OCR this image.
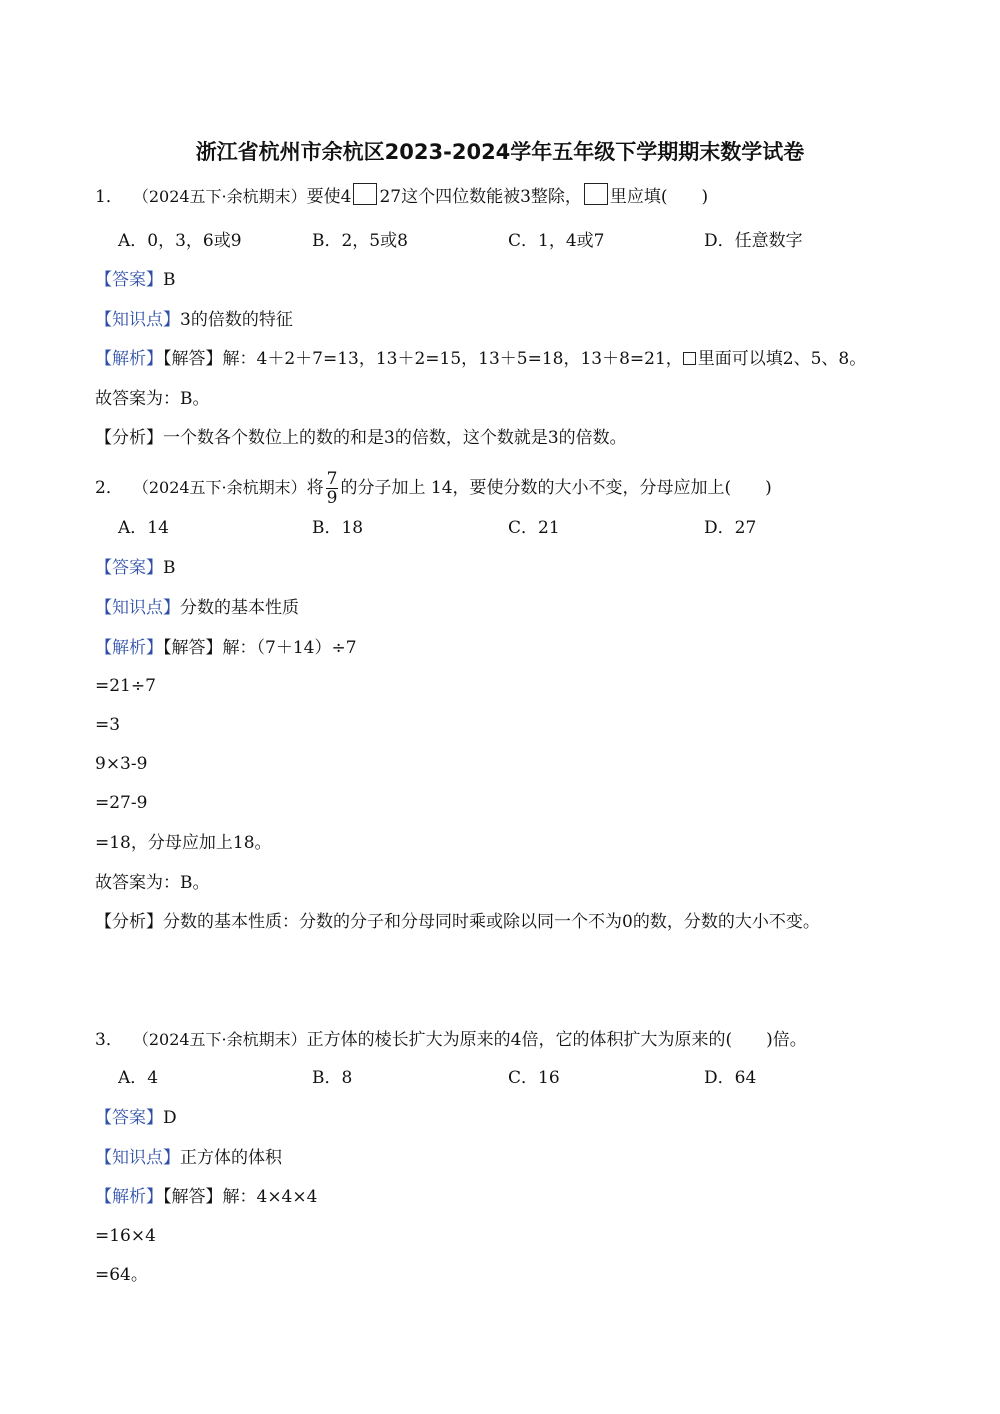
浙江省杭州市余杭区2023-2024学年五年级下学期期末数学试卷
1． （2024五下·余杭期末）要使4 27这个四位数能被3整除， 里应填(　　)
A．0，3，6或9	B．2，5或8	C．1，4或7	D．任意数字
【答案】B
【知识点】3的倍数的特征
【解析】【解答】解：4＋2＋7=13，13＋2=15，13＋5=18，13＋8=21， 里面可以填2、5、8。
故答案为：B。
【分析】一个数各个数位上的数的和是3的倍数，这个数就是3的倍数。
2． （2024五下·余杭期末）将 $\frac{7}{9}$ 的分子加上 14，要使分数的大小不变，分母应加上(　　)
A．14	B．18	C．21	D．27
【答案】B
【知识点】分数的基本性质
【解析】【解答】解：（7＋14）÷7
=21÷7
=3
9×3-9
=27-9
=18，分母应加上18。
故答案为：B。
【分析】分数的基本性质：分数的分子和分母同时乘或除以同一个不为0的数，分数的大小不变。
3． （2024五下·余杭期末）正方体的棱长扩大为原来的4倍，它的体积扩大为原来的(　　)倍。
A．4	B．8	C．16	D．64
【答案】D
【知识点】正方体的体积
【解析】【解答】解：4×4×4
=16×4
=64。
